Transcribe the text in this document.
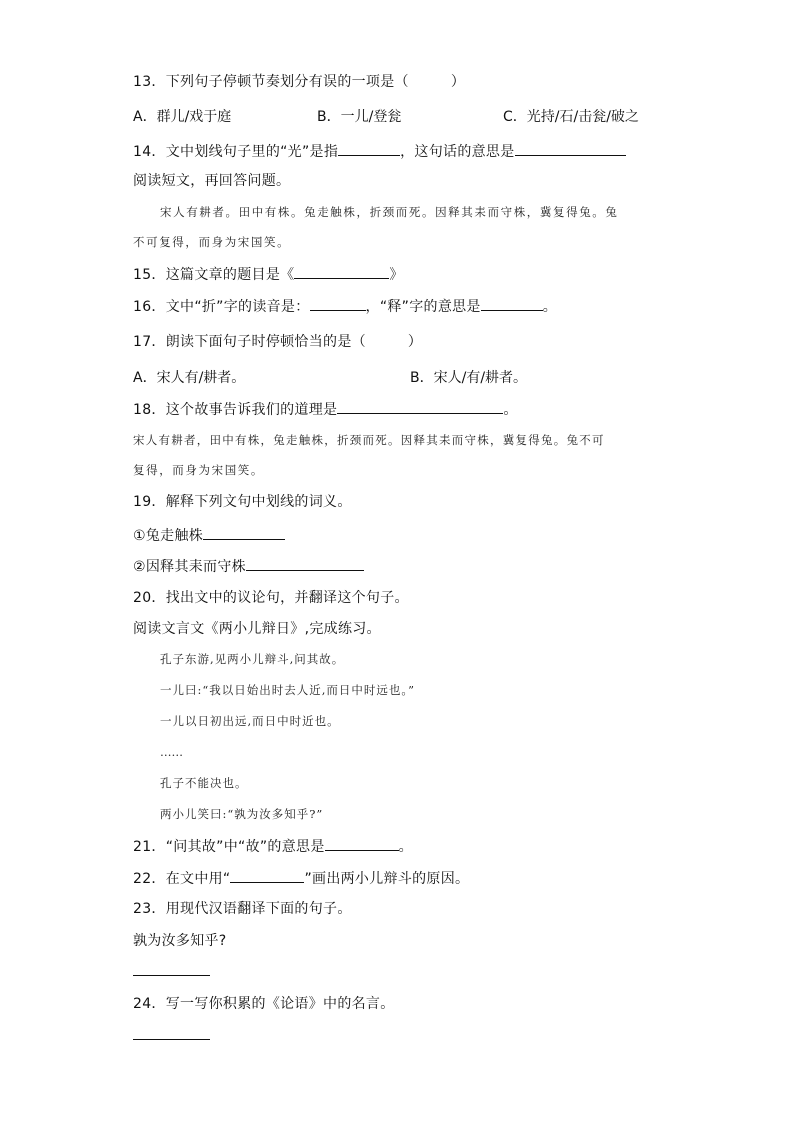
13．下列句子停顿节奏划分有误的一项是（	）
A．群儿/戏于庭	B．一儿/登瓮	C．光持/石/击瓮/破之
14．文中划线句子里的“光”是指	，这句话的意思是
阅读短文，再回答问题。
宋人有耕者。田中有株。兔走触株，折颈而死。因释其耒而守株，冀复得兔。兔
不可复得，而身为宋国笑。
15．这篇文章的题目是《	》
16．文中“折”字的读音是：	，“释”字的意思是	。
17．朗读下面句子时停顿恰当的是（	）
A．宋人有/耕者。	B．宋人/有/耕者。
18．这个故事告诉我们的道理是	。
宋人有耕者，田中有株，兔走触株，折颈而死。因释其耒而守株，冀复得兔。兔不可
复得，而身为宋国笑。
19．解释下列文句中划线的词义。
①兔走触株
②因释其耒而守株
20．找出文中的议论句，并翻译这个句子。
阅读文言文《两小儿辩日》,完成练习。
孔子东游,见两小儿辩斗,问其故。
一儿曰:“我以日始出时去人近,而日中时远也。”
一儿以日初出远,而日中时近也。
……
孔子不能决也。
两小儿笑曰:“孰为汝多知乎?”
21．“问其故”中“故”的意思是	。
22．在文中用“	”画出两小儿辩斗的原因。
23．用现代汉语翻译下面的句子。
孰为汝多知乎?
24．写一写你积累的《论语》中的名言。
